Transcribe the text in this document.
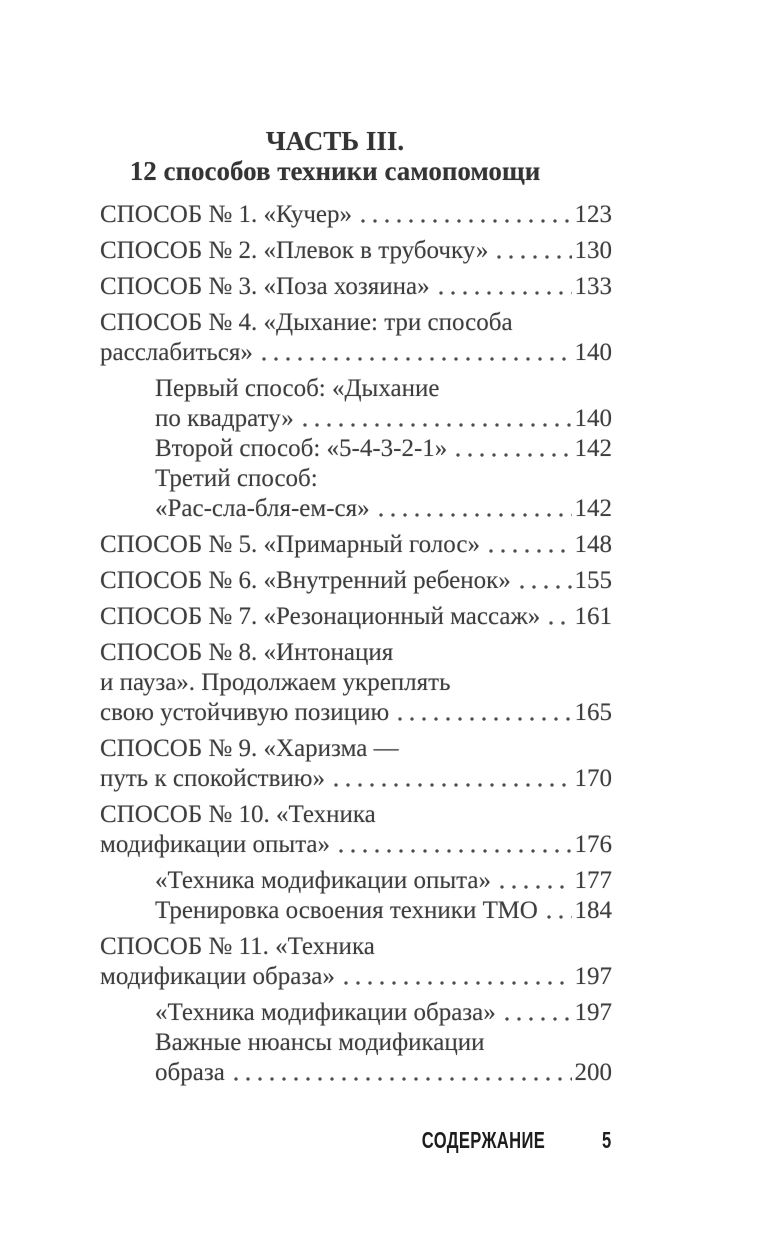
ЧАСТЬ III.
12 способов техники самопомощи
СПОСОБ № 1. «Кучер»	123
СПОСОБ № 2. «Плевок в трубочку»	130
СПОСОБ № 3. «Поза хозяина»	133
СПОСОБ № 4. «Дыхание: три способа
расслабиться»	140
Первый способ: «Дыхание
по квадрату»	140
Второй способ: «5-4-3-2-1»	142
Третий способ:
«Рас-сла-бля-ем-ся»	142
СПОСОБ № 5. «Примарный голос»	148
СПОСОБ № 6. «Внутренний ребенок»	155
СПОСОБ № 7. «Резонационный массаж» 161
СПОСОБ № 8. «Интонация
и пауза». Продолжаем укреплять
свою устойчивую позицию	165
СПОСОБ № 9. «Харизма —
путь к спокойствию»	170
СПОСОБ № 10. «Техника
модификации опыта»	176
«Техника модификации опыта»	177
Тренировка освоения техники ТМО 184
СПОСОБ № 11. «Техника
модификации образа»	197
«Техника модификации образа»	197
Важные нюансы модификации
образа	200
СОДЕРЖАНИЕ 5
